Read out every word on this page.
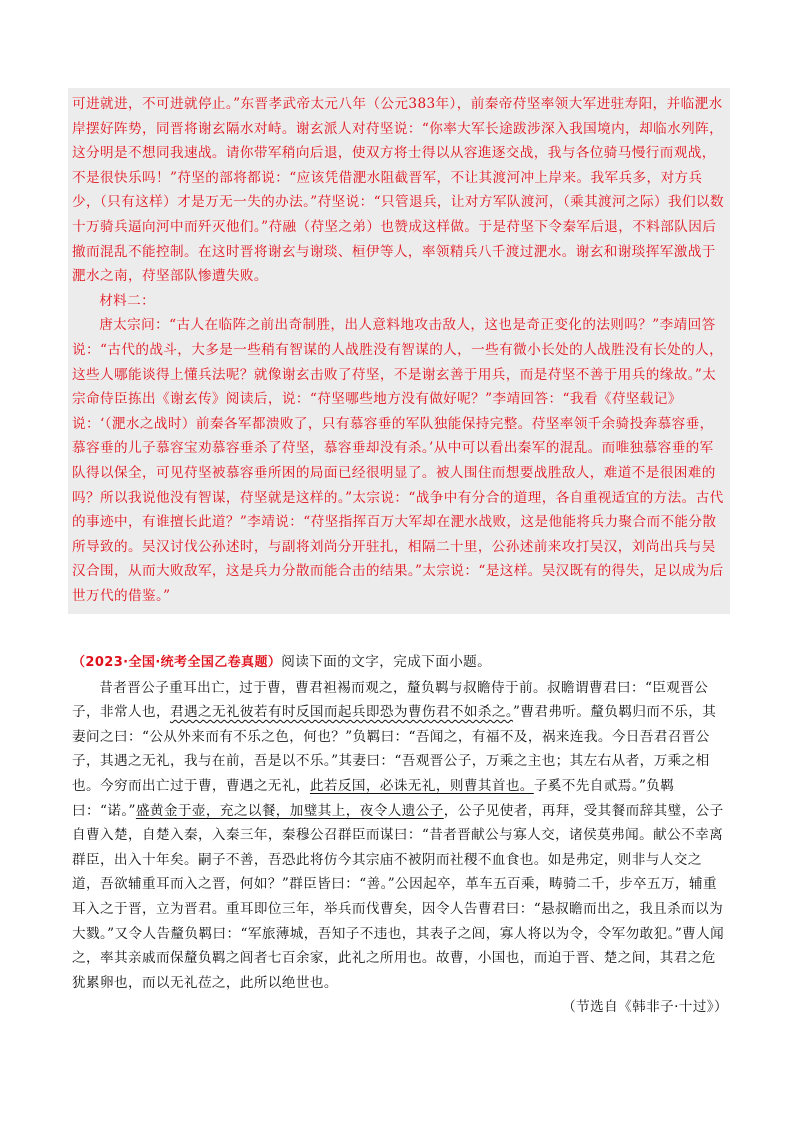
可进就进，不可进就停止。”东晋孝武帝太元八年（公元383年），前秦帝苻坚率领大军进驻寿阳，并临淝水岸摆好阵势，同晋将谢玄隔水对峙。谢玄派人对苻坚说：“你率大军长途跋涉深入我国境内，却临水列阵，这分明是不想同我速战。请你带军稍向后退，使双方将士得以从容進逐交战，我与各位骑马慢行而观战，不是很快乐吗！”苻坚的部将都说：“应该凭借淝水阻截晋军，不让其渡河冲上岸来。我军兵多，对方兵少，（只有这样）才是万无一失的办法。”苻坚说：“只管退兵，让对方军队渡河，（乘其渡河之际）我们以数十万骑兵逼向河中而歼灭他们。”苻融（苻坚之弟）也赞成这样做。于是苻坚下令秦军后退，不料部队因后撤而混乱不能控制。在这时晋将谢玄与谢琰、桓伊等人，率领精兵八千渡过淝水。谢玄和谢琰挥军激战于淝水之南，苻坚部队惨遭失败。

材料二：

唐太宗问：“古人在临阵之前出奇制胜，出人意料地攻击敌人，这也是奇正变化的法则吗？”李靖回答说：“古代的战斗，大多是一些稍有智谋的人战胜没有智谋的人，一些有微小长处的人战胜没有长处的人，这些人哪能谈得上懂兵法呢？就像谢玄击败了苻坚，不是谢玄善于用兵，而是苻坚不善于用兵的缘故。”太宗命侍臣拣出《谢玄传》阅读后，说：“苻坚哪些地方没有做好呢？”李靖回答：“我看《苻坚载记》说：‘（淝水之战时）前秦各军都溃败了，只有慕容垂的军队独能保持完整。苻坚率领千余骑投奔慕容垂，慕容垂的儿子慕容宝劝慕容垂杀了苻坚，慕容垂却没有杀。’从中可以看出秦军的混乱。而唯独慕容垂的军队得以保全，可见苻坚被慕容垂所困的局面已经很明显了。被人围住而想要战胜敌人，难道不是很困难的吗？所以我说他没有智谋，苻坚就是这样的。”太宗说：“战争中有分合的道理，各自重视适宜的方法。古代的事迹中，有谁擅长此道？”李靖说：“苻坚指挥百万大军却在淝水战败，这是他能将兵力聚合而不能分散所导致的。吴汉讨伐公孙述时，与副将刘尚分开驻扎，相隔二十里，公孙述前来攻打吴汉，刘尚出兵与吴汉合围，从而大败敌军，这是兵力分散而能合击的结果。”太宗说：“是这样。吴汉既有的得失，足以成为后世万代的借鉴。”

（2023·全国·统考全国乙卷真题）阅读下面的文字，完成下面小题。

昔者晋公子重耳出亡，过于曹，曹君袒裼而观之，釐负羁与叔瞻侍于前。叔瞻谓曹君曰：“臣观晋公子，非常人也，君遇之无礼彼若有时反国而起兵即恐为曹伤君不如杀之。”曹君弗听。釐负羁归而不乐，其妻问之曰：“公从外来而有不乐之色，何也？”负羁曰：“吾闻之，有福不及，祸来连我。今日吾君召晋公子，其遇之无礼，我与在前，吾是以不乐。”其妻曰：“吾观晋公子，万乘之主也；其左右从者，万乘之相也。今穷而出亡过于曹，曹遇之无礼，此若反国，必诛无礼，则曹其首也。子奚不先自贰焉。”负羁曰：“诺。”盛黄金于壶，充之以餐，加璧其上，夜令人遗公子，公子见使者，再拜，受其餐而辞其璧，公子自曹入楚，自楚入秦，入秦三年，秦穆公召群臣而谋曰：“昔者晋献公与寡人交，诸侯莫弗闻。献公不幸离群臣，出入十年矣。嗣子不善，吾恐此将仿今其宗庙不被阴而社稷不血食也。如是弗定，则非与人交之道，吾欲辅重耳而入之晋，何如？”群臣皆曰：“善。”公因起卒，革车五百乘，畴骑二千，步卒五万，辅重耳入之于晋，立为晋君。重耳即位三年，举兵而伐曹矣，因令人告曹君曰：“悬叔瞻而出之，我且杀而以为大戮。”又令人告釐负羁曰：“军旅薄城，吾知子不违也，其表子之闾，寡人将以为令，令军勿敢犯。”曹人闻之，率其亲戚而保釐负羁之闾者七百余家，此礼之所用也。故曹，小国也，而迫于晋、楚之间，其君之危犹累卵也，而以无礼莅之，此所以绝世也。

（节选自《韩非子·十过》）
